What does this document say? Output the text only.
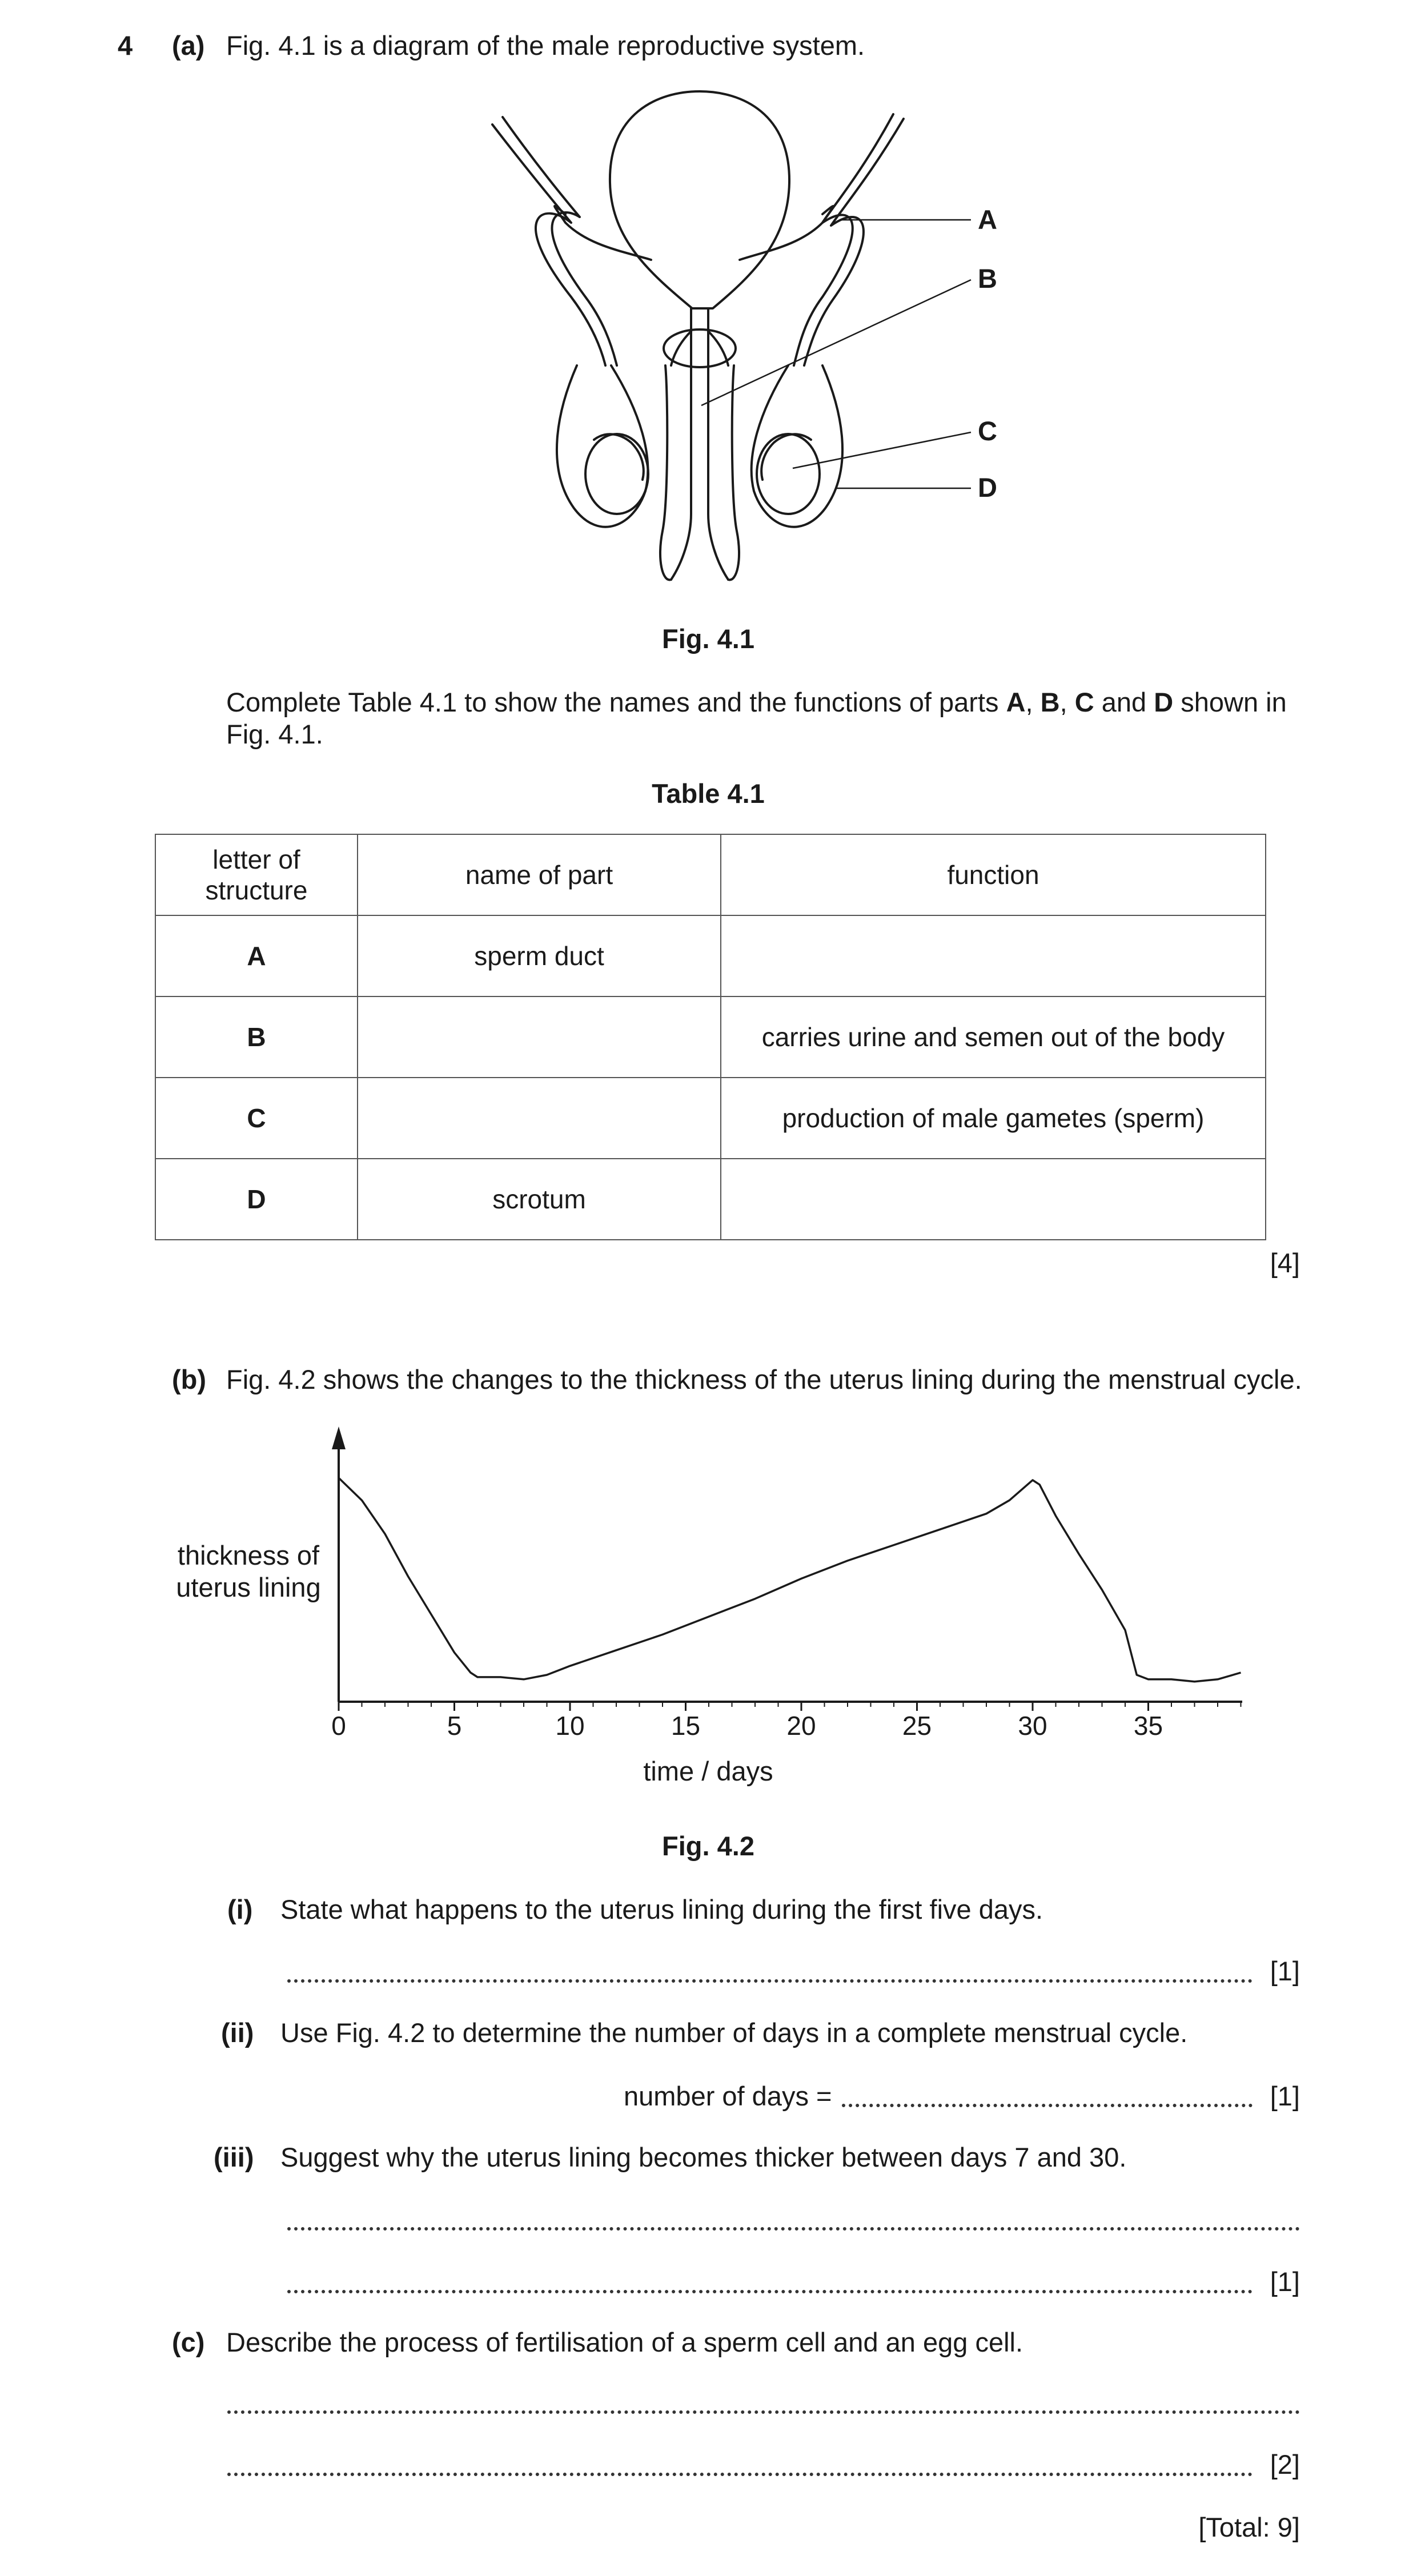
4 (a) Fig. 4.1 is a diagram of the male reproductive system.
A
B
C
D
Fig. 4.1
Complete Table 4.1 to show the names and the functions of parts A, B, C and D shown in
Fig. 4.1.
Table 4.1
letter of structure	name of part	function
A	sperm duct	
B		carries urine and semen out of the body
C		production of male gametes (sperm)
D	scrotum	
[4]
(b) Fig. 4.2 shows the changes to the thickness of the uterus lining during the menstrual cycle.
thickness of uterus lining
0	5	10	15	20	25	30	35
time / days
Fig. 4.2
(i) State what happens to the uterus lining during the first five days.
[1]
(ii) Use Fig. 4.2 to determine the number of days in a complete menstrual cycle.
number of days =	[1]
(iii) Suggest why the uterus lining becomes thicker between days 7 and 30.
[1]
(c) Describe the process of fertilisation of a sperm cell and an egg cell.
[2]
[Total: 9]
